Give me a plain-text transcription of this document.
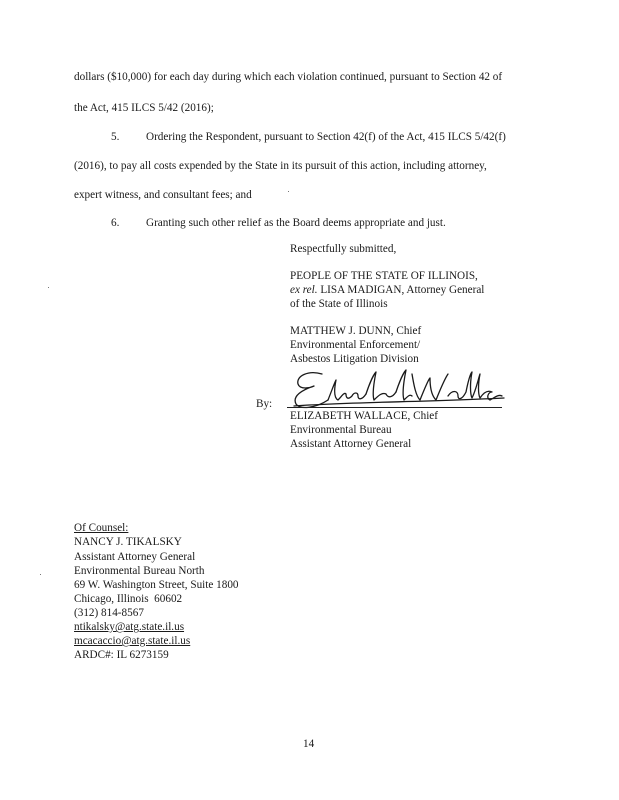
dollars ($10,000) for each day during which each violation continued, pursuant to Section 42 of
the Act, 415 ILCS 5/42 (2016);
5. Ordering the Respondent, pursuant to Section 42(f) of the Act, 415 ILCS 5/42(f)
(2016), to pay all costs expended by the State in its pursuit of this action, including attorney,
expert witness, and consultant fees; and
6. Granting such other relief as the Board deems appropriate and just.
Respectfully submitted,
PEOPLE OF THE STATE OF ILLINOIS,
ex rel. LISA MADIGAN, Attorney General
of the State of Illinois
MATTHEW J. DUNN, Chief
Environmental Enforcement/
Asbestos Litigation Division
By:
ELIZABETH WALLACE, Chief
Environmental Bureau
Assistant Attorney General
Of Counsel:
NANCY J. TIKALSKY
Assistant Attorney General
Environmental Bureau North
69 W. Washington Street, Suite 1800
Chicago, Illinois  60602
(312) 814-8567
ntikalsky@atg.state.il.us
mcacaccio@atg.state.il.us
ARDC#: IL 6273159
14
